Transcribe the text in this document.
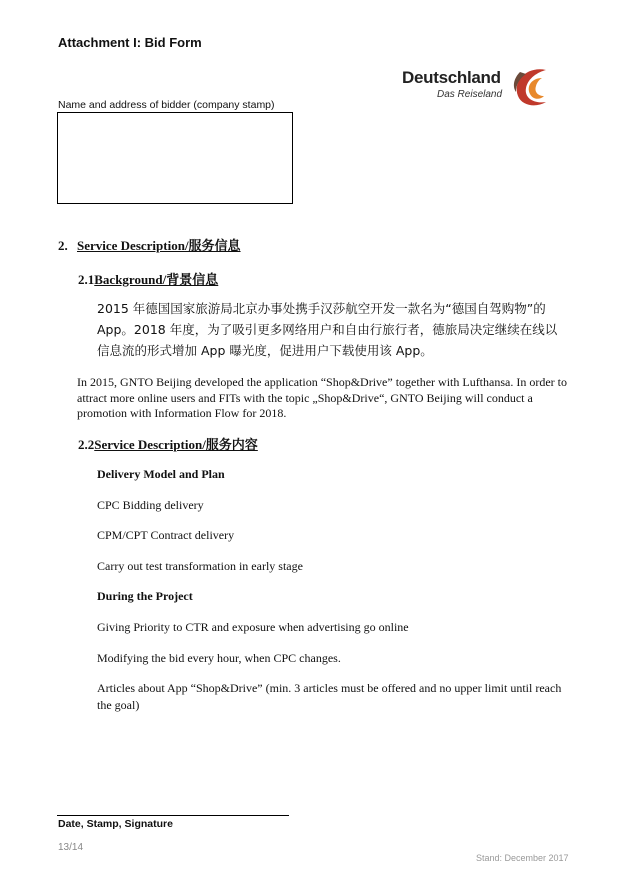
Attachment I: Bid Form
Deutschland
Das Reiseland
Name and address of bidder (company stamp)
2. Service Description/服务信息
2.1Background/背景信息
2015 年德国国家旅游局北京办事处携手汉莎航空开发一款名为“德国自驾购物”的 App。2018 年度，为了吸引更多网络用户和自由行旅行者，德旅局决定继续在线以信息流的形式增加 App 曝光度，促进用户下载使用该 App。
In 2015, GNTO Beijing developed the application “Shop&Drive” together with Lufthansa. In order to attract more online users and FITs with the topic „Shop&Drive“, GNTO Beijing will conduct a promotion with Information Flow for 2018.
2.2Service Description/服务内容
Delivery Model and Plan
CPC Bidding delivery
CPM/CPT Contract delivery
Carry out test transformation in early stage
During the Project
Giving Priority to CTR and exposure when advertising go online
Modifying the bid every hour, when CPC changes.
Articles about App “Shop&Drive” (min. 3 articles must be offered and no upper limit until reach the goal)
Date, Stamp, Signature
13/14
Stand: December 2017
